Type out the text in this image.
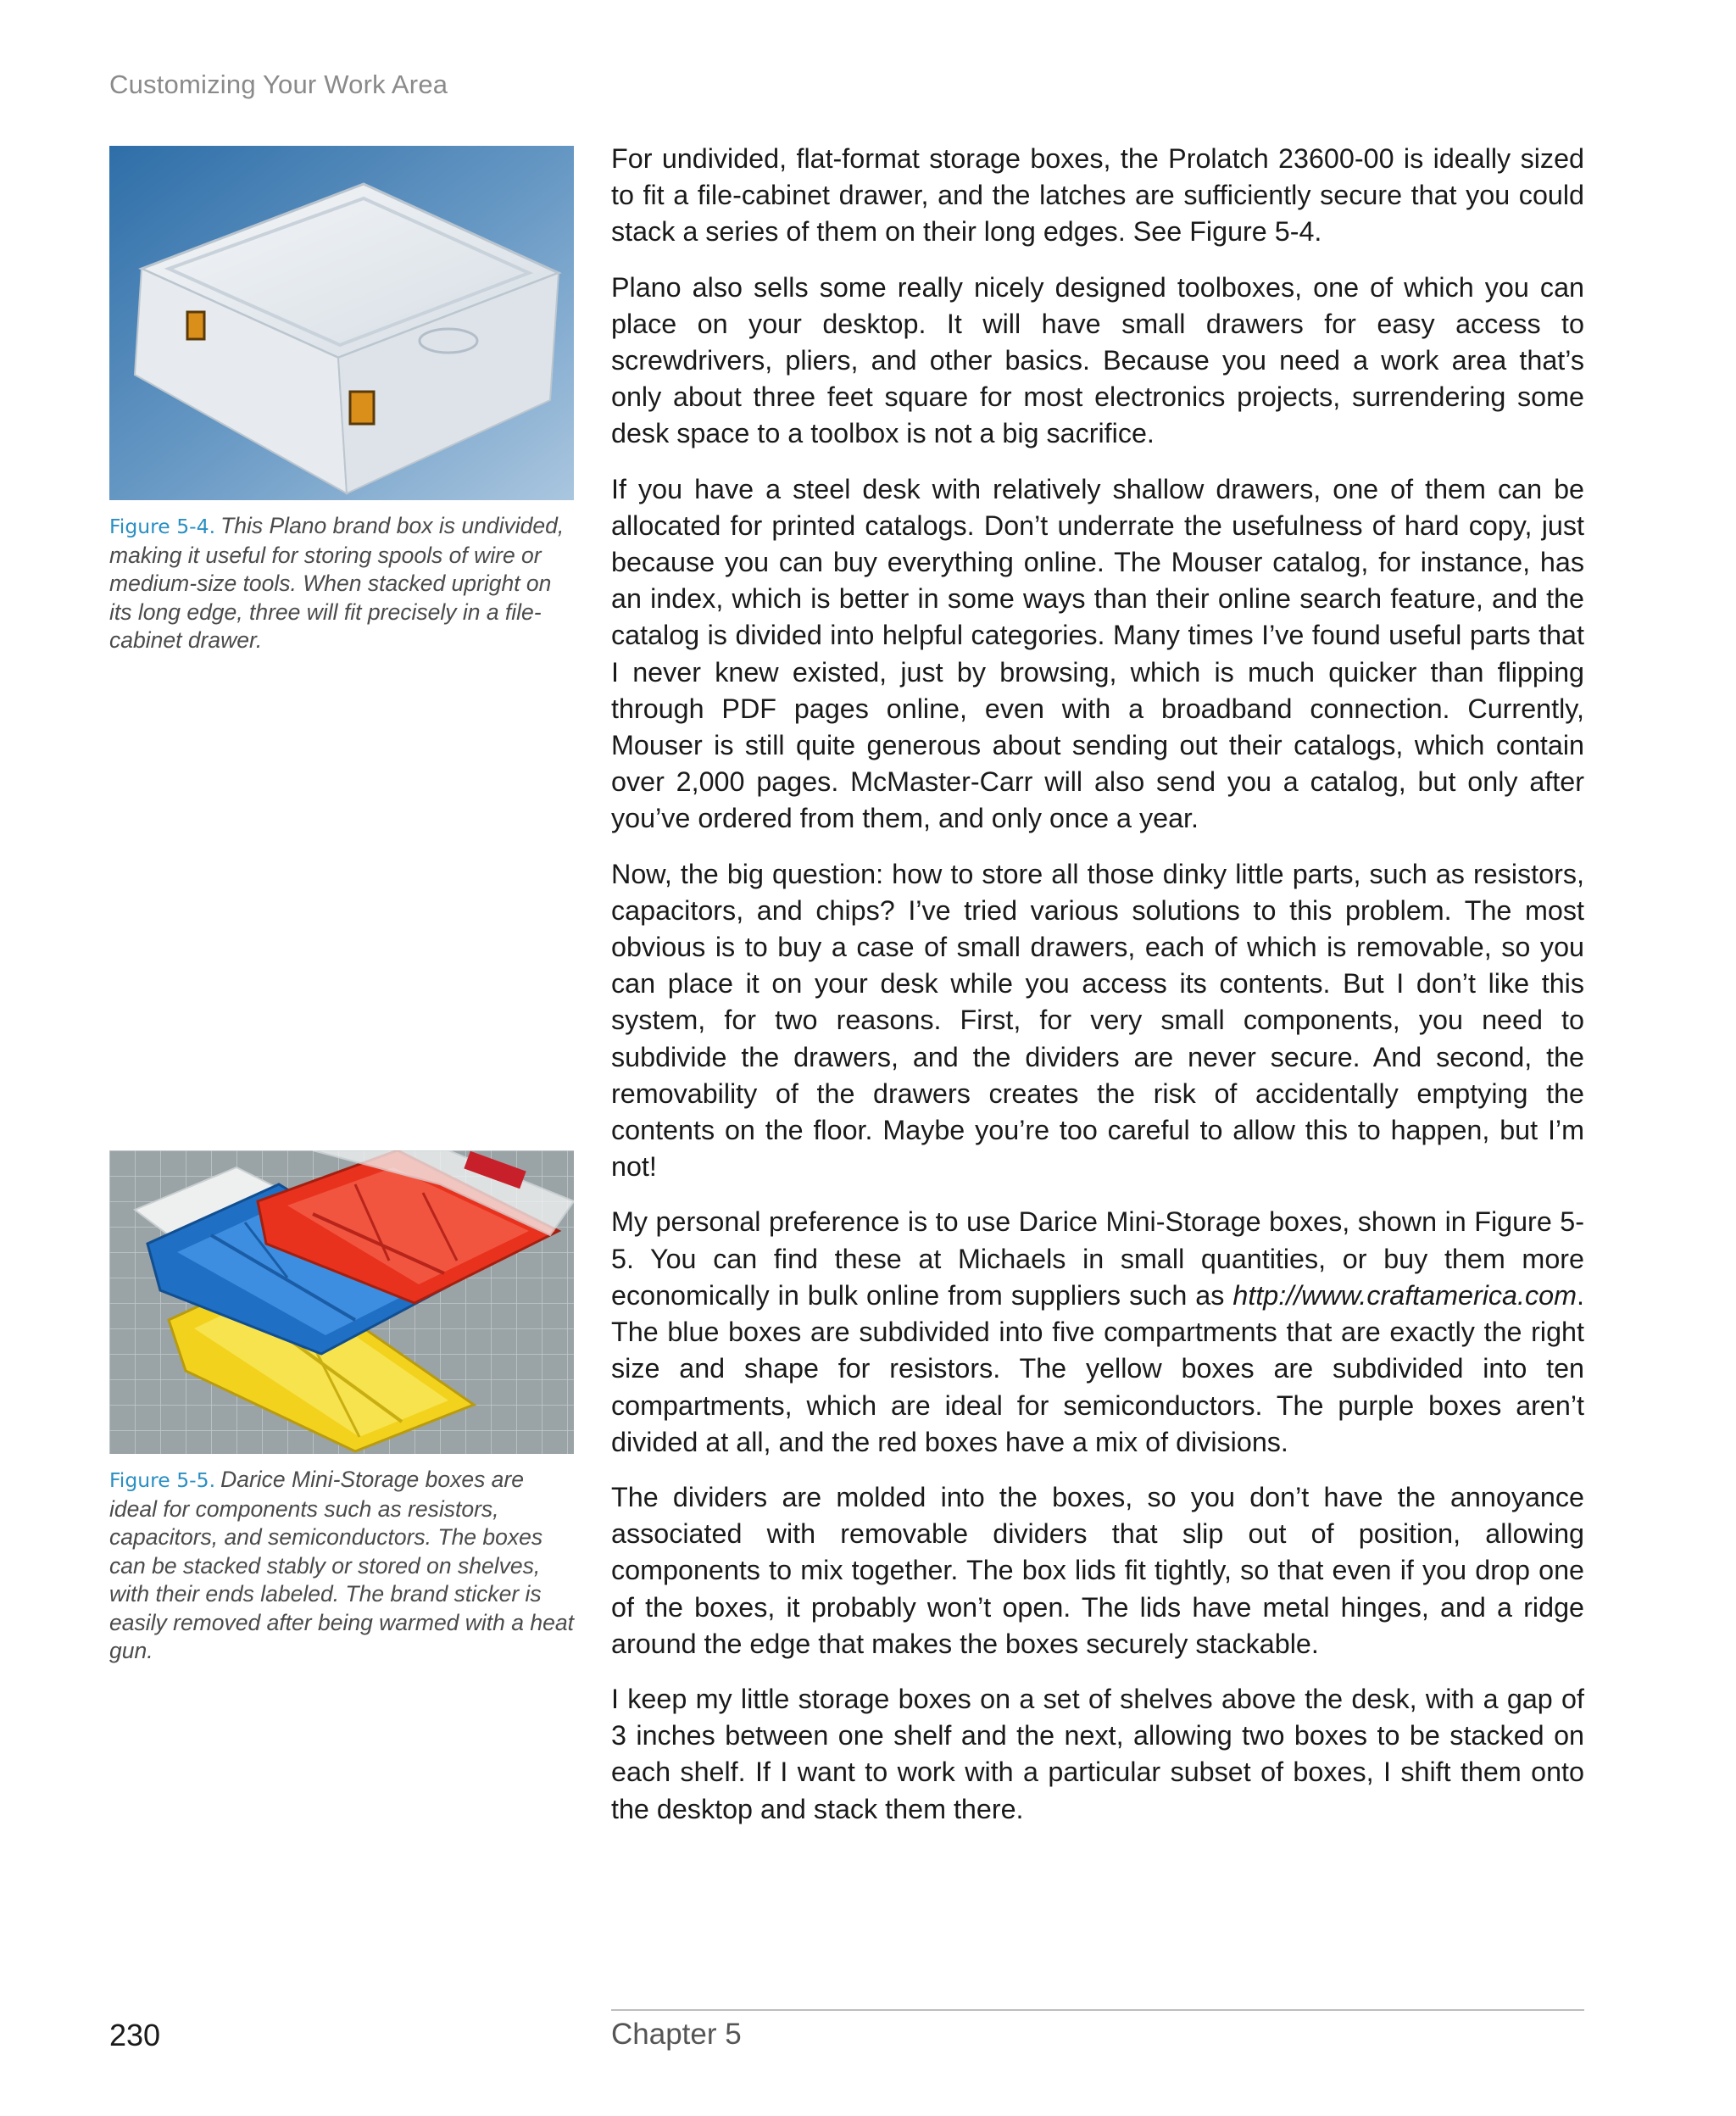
Customizing Your Work Area
Figure 5-4. This Plano brand box is undivided, making it useful for storing spools of wire or medium-size tools. When stacked upright on its long edge, three will fit precisely in a file-cabinet drawer.
Figure 5-5. Darice Mini-Storage boxes are ideal for components such as resistors, capacitors, and semiconductors. The boxes can be stacked stably or stored on shelves, with their ends labeled. The brand sticker is easily removed after being warmed with a heat gun.

For undivided, flat-format storage boxes, the Prolatch 23600-00 is ideally sized to fit a file-cabinet drawer, and the latches are sufficiently secure that you could stack a series of them on their long edges. See Figure 5-4.

Plano also sells some really nicely designed toolboxes, one of which you can place on your desktop. It will have small drawers for easy access to screwdrivers, pliers, and other basics. Because you need a work area that’s only about three feet square for most electronics projects, surrendering some desk space to a toolbox is not a big sacrifice.

If you have a steel desk with relatively shallow drawers, one of them can be allocated for printed catalogs. Don’t underrate the usefulness of hard copy, just because you can buy everything online. The Mouser catalog, for instance, has an index, which is better in some ways than their online search feature, and the catalog is divided into helpful categories. Many times I’ve found useful parts that I never knew existed, just by browsing, which is much quicker than flipping through PDF pages online, even with a broadband connection. Currently, Mouser is still quite generous about sending out their catalogs, which contain over 2,000 pages. McMaster-Carr will also send you a catalog, but only after you’ve ordered from them, and only once a year.

Now, the big question: how to store all those dinky little parts, such as resistors, capacitors, and chips? I’ve tried various solutions to this problem. The most obvious is to buy a case of small drawers, each of which is removable, so you can place it on your desk while you access its contents. But I don’t like this system, for two reasons. First, for very small components, you need to subdivide the drawers, and the dividers are never secure. And second, the removability of the drawers creates the risk of accidentally emptying the contents on the floor. Maybe you’re too careful to allow this to happen, but I’m not!

My personal preference is to use Darice Mini-Storage boxes, shown in Figure 5-5. You can find these at Michaels in small quantities, or buy them more economically in bulk online from suppliers such as http://www.craftamerica.com. The blue boxes are subdivided into five compartments that are exactly the right size and shape for resistors. The yellow boxes are subdivided into ten compartments, which are ideal for semiconductors. The purple boxes aren’t divided at all, and the red boxes have a mix of divisions.

The dividers are molded into the boxes, so you don’t have the annoyance associated with removable dividers that slip out of position, allowing components to mix together. The box lids fit tightly, so that even if you drop one of the boxes, it probably won’t open. The lids have metal hinges, and a ridge around the edge that makes the boxes securely stackable.

I keep my little storage boxes on a set of shelves above the desk, with a gap of 3 inches between one shelf and the next, allowing two boxes to be stacked on each shelf. If I want to work with a particular subset of boxes, I shift them onto the desktop and stack them there.

230	Chapter 5
